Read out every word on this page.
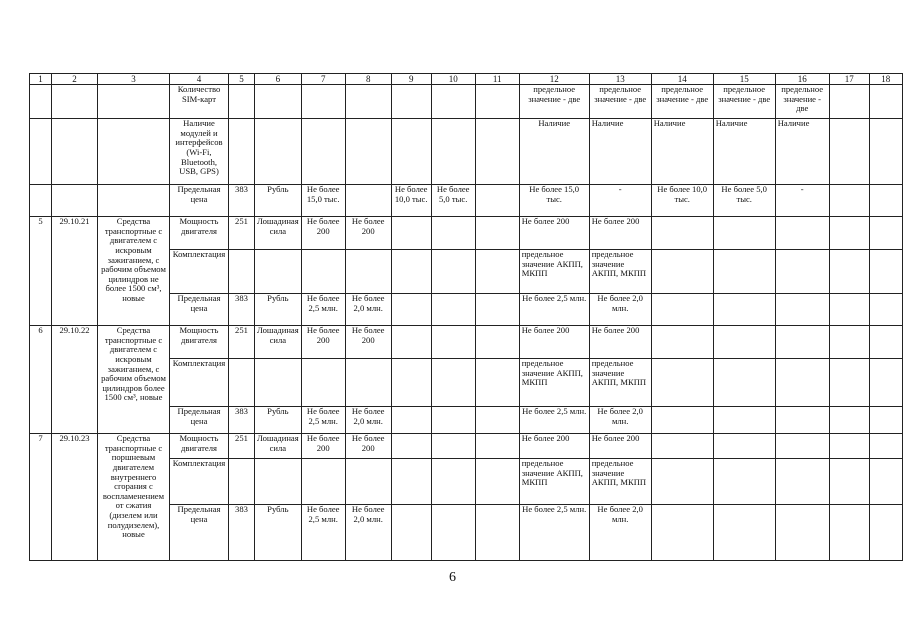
1	2	3	4	5	6	7	8	9	10	11	12	13	14	15	16	17	18
			Количество SIM-карт								предельное значение - две	предельное значение - две	предельное значение - две	предельное значение - две	предельное значение - две		
			Наличие модулей и интерфейсов (Wi-Fi, Bluetooth, USB, GPS)								Наличие	Наличие	Наличие	Наличие	Наличие		
			Предельная цена	383	Рубль	Не более 15,0 тыс.		Не более 10,0 тыс.	Не более 5,0 тыс.		Не более 15,0 тыс.	-	Не более 10,0 тыс.	Не более 5,0 тыс.	-		
5	29.10.21	Средства транспортные с двигателем с искровым зажиганием, с рабочим объемом цилиндров не более 1500 см³, новые	Мощность двигателя	251	Лошадиная сила	Не более 200	Не более 200				Не более 200	Не более 200					
			Комплектация								предельное значение АКПП, МКПП	предельное значение АКПП, МКПП					
			Предельная цена	383	Рубль	Не более 2,5 млн.	Не более 2,0 млн.				Не более 2,5 млн.	Не более 2,0 млн.					
6	29.10.22	Средства транспортные с двигателем с искровым зажиганием, с рабочим объемом цилиндров более 1500 см³, новые	Мощность двигателя	251	Лошадиная сила	Не более 200	Не более 200				Не более 200	Не более 200					
			Комплектация								предельное значение АКПП, МКПП	предельное значение АКПП, МКПП					
			Предельная цена	383	Рубль	Не более 2,5 млн.	Не более 2,0 млн.				Не более 2,5 млн.	Не более 2,0 млн.					
7	29.10.23	Средства транспортные с поршневым двигателем внутреннего сгорания с воспламенением от сжатия (дизелем или полудизелем), новые	Мощность двигателя	251	Лошадиная сила	Не более 200	Не более 200				Не более 200	Не более 200					
			Комплектация								предельное значение АКПП, МКПП	предельное значение АКПП, МКПП					
			Предельная цена	383	Рубль	Не более 2,5 млн.	Не более 2,0 млн.				Не более 2,5 млн.	Не более 2,0 млн.					
6
